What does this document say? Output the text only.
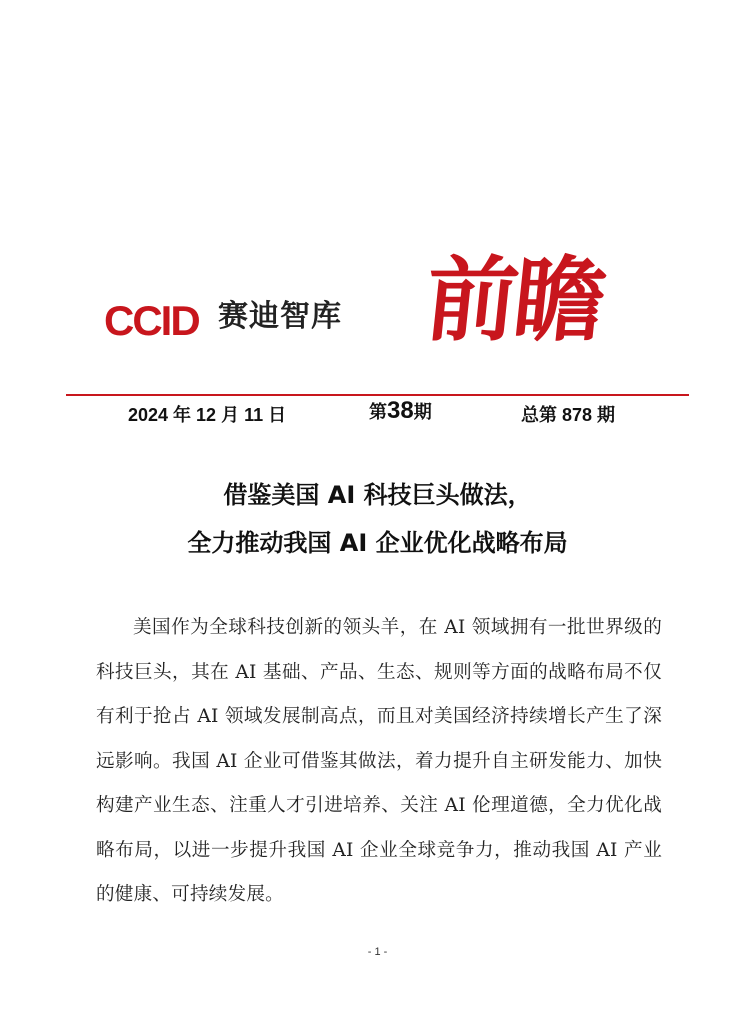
CCID 赛迪智库 前瞻
2024 年 12 月 11 日	第38期	总第 878 期
借鉴美国 AI 科技巨头做法，
全力推动我国 AI 企业优化战略布局
美国作为全球科技创新的领头羊，在 AI 领域拥有一批世界级的科技巨头，其在 AI 基础、产品、生态、规则等方面的战略布局不仅有利于抢占 AI 领域发展制高点，而且对美国经济持续增长产生了深远影响。我国 AI 企业可借鉴其做法，着力提升自主研发能力、加快构建产业生态、注重人才引进培养、关注 AI 伦理道德，全力优化战略布局，以进一步提升我国 AI 企业全球竞争力，推动我国 AI 产业的健康、可持续发展。
- 1 -
